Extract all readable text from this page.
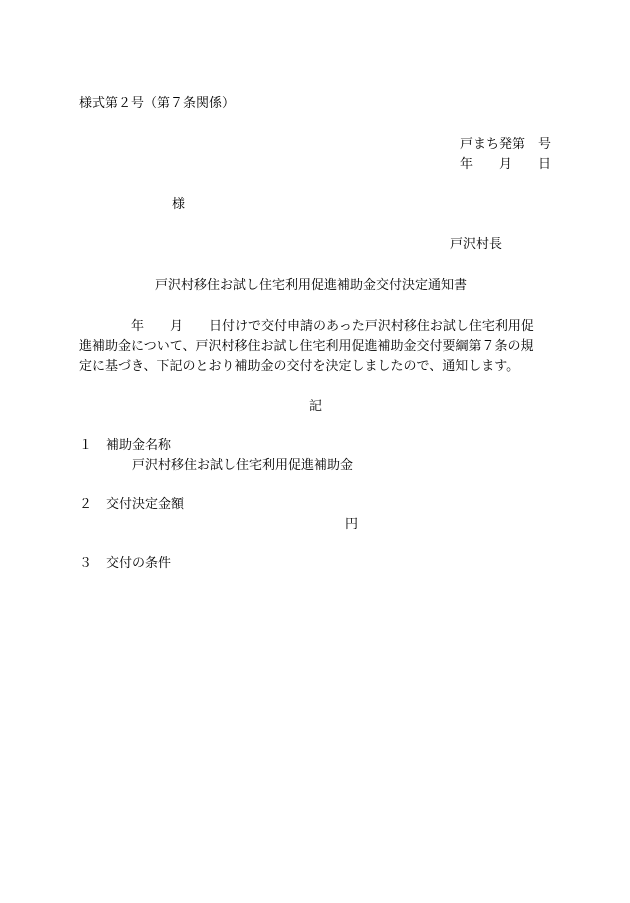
様式第２号（第７条関係）
戸まち発第　号
年　　月　　日
様
戸沢村長
戸沢村移住お試し住宅利用促進補助金交付決定通知書
　　　　年　　月　　日付けで交付申請のあった戸沢村移住お試し住宅利用促
進補助金について、戸沢村移住お試し住宅利用促進補助金交付要綱第７条の規
定に基づき、下記のとおり補助金の交付を決定しましたので、通知します。
記
１ 補助金名称
戸沢村移住お試し住宅利用促進補助金
２ 交付決定金額
円
３ 交付の条件
